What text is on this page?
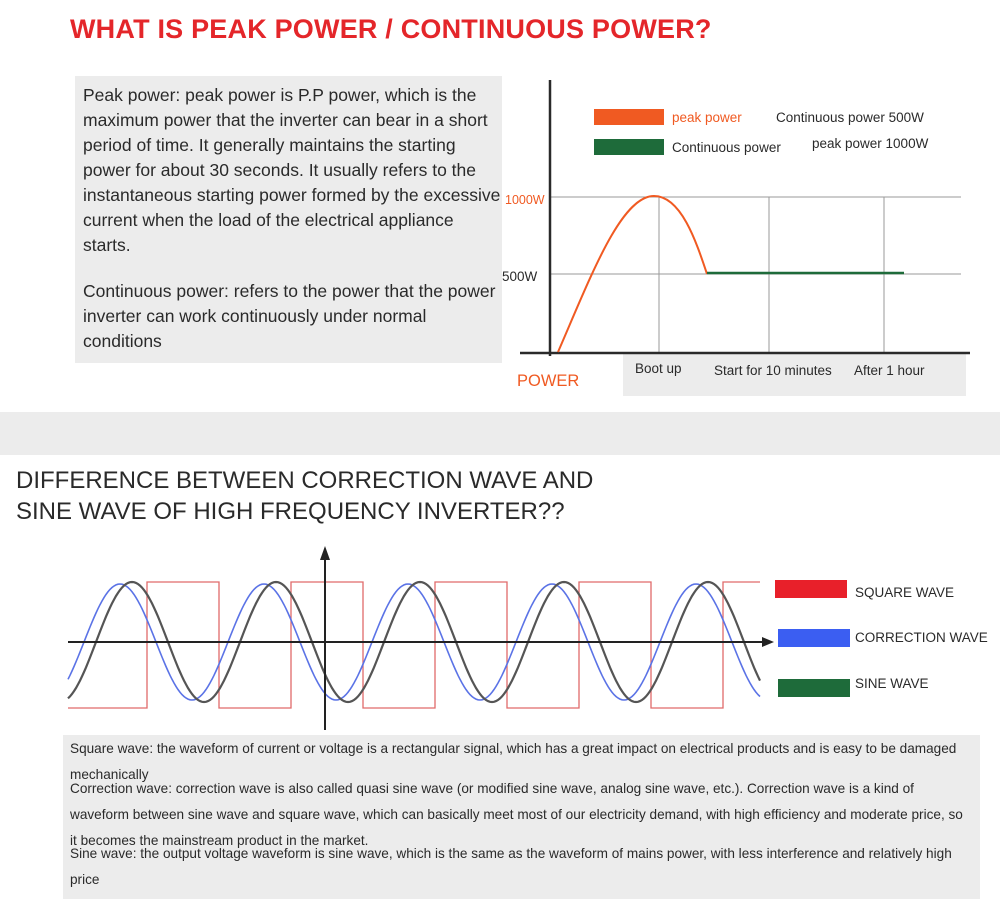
WHAT IS PEAK POWER / CONTINUOUS POWER?
Peak power: peak power is P.P power, which is the maximum power that the inverter can bear in a short period of time. It generally maintains the starting power for about 30 seconds. It usually refers to the instantaneous starting power formed by the excessive current when the load of the electrical appliance starts.
Continuous power: refers to the power that the power inverter can work continuously under normal conditions
peak power
Continuous power
Continuous power 500W
peak power 1000W
1000W
500W
Boot up Start for 10 minutes After 1 hour
POWER
DIFFERENCE BETWEEN CORRECTION WAVE AND
SINE WAVE OF HIGH FREQUENCY INVERTER??
SQUARE WAVE
CORRECTION WAVE
SINE WAVE
Square wave: the waveform of current or voltage is a rectangular signal, which has a great impact on electrical products and is easy to be damaged mechanically
Correction wave: correction wave is also called quasi sine wave (or modified sine wave, analog sine wave, etc.). Correction wave is a kind of waveform between sine wave and square wave, which can basically meet most of our electricity demand, with high efficiency and moderate price, so it becomes the mainstream product in the market.
Sine wave: the output voltage waveform is sine wave, which is the same as the waveform of mains power, with less interference and relatively high price
